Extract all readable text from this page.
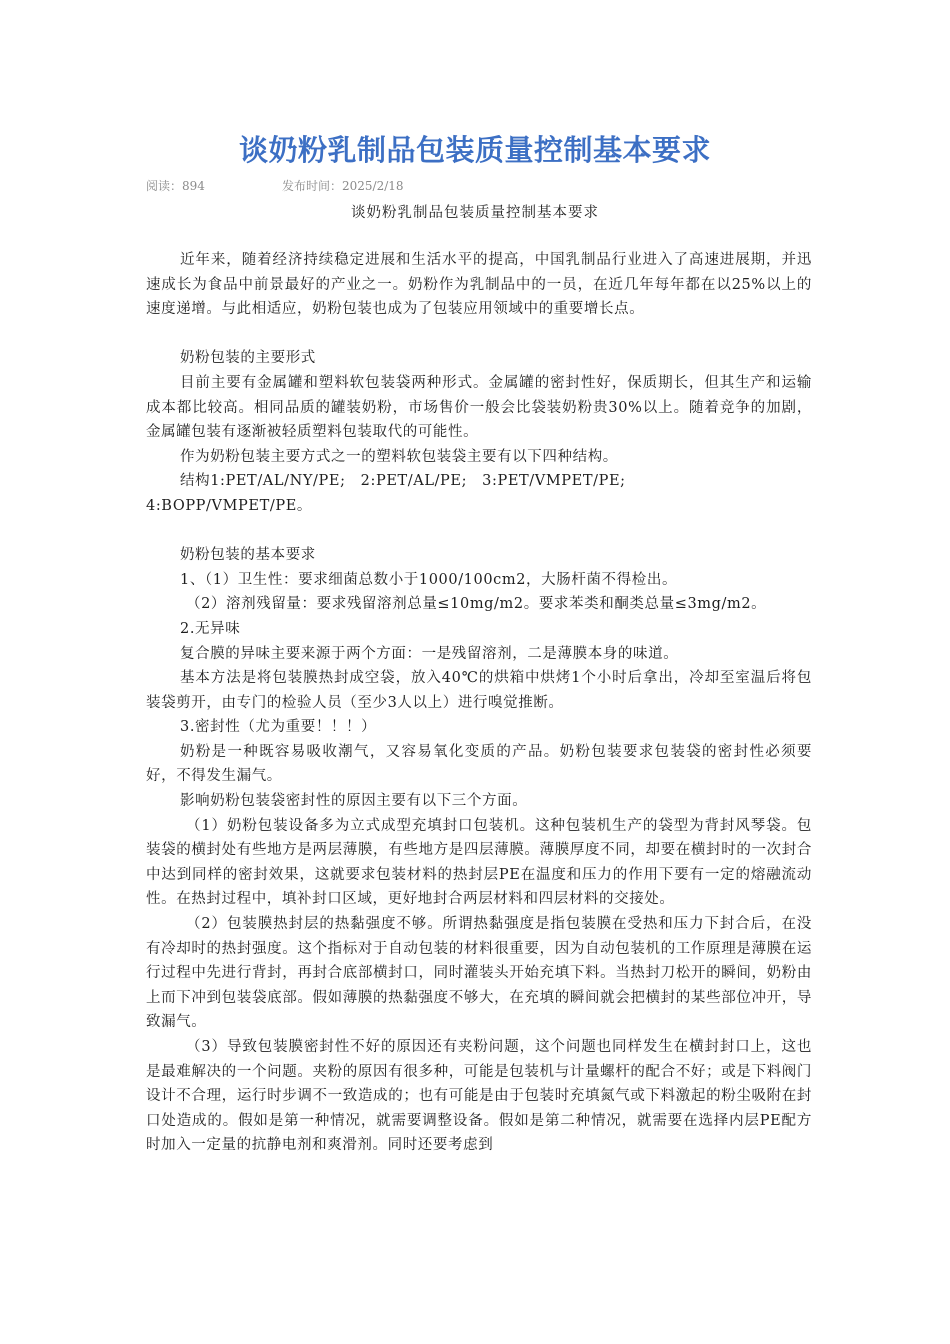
谈奶粉乳制品包装质量控制基本要求
阅读：894	发布时间：2025/2/18
谈奶粉乳制品包装质量控制基本要求

近年来，随着经济持续稳定进展和生活水平的提高，中国乳制品行业进入了高速进展期，并迅速成长为食品中前景最好的产业之一。奶粉作为乳制品中的一员，在近几年每年都在以25%以上的速度递增。与此相适应，奶粉包装也成为了包装应用领域中的重要增长点。

奶粉包装的主要形式

目前主要有金属罐和塑料软包装袋两种形式。金属罐的密封性好，保质期长，但其生产和运输成本都比较高。相同品质的罐装奶粉，市场售价一般会比袋装奶粉贵30%以上。随着竞争的加剧，金属罐包装有逐渐被轻质塑料包装取代的可能性。

作为奶粉包装主要方式之一的塑料软包装袋主要有以下四种结构。

结构1:PET/AL/NY/PE;　2:PET/AL/PE;　3:PET/VMPET/PE;

4:BOPP/VMPET/PE。

奶粉包装的基本要求

1、（1）卫生性：要求细菌总数小于1000/100cm2，大肠杆菌不得检出。

（2）溶剂残留量：要求残留溶剂总量≤10mg/m2。要求苯类和酮类总量≤3mg/m2。

2.无异味

复合膜的异味主要来源于两个方面：一是残留溶剂，二是薄膜本身的味道。

基本方法是将包装膜热封成空袋，放入40℃的烘箱中烘烤1个小时后拿出，冷却至室温后将包装袋剪开，由专门的检验人员（至少3人以上）进行嗅觉推断。

3.密封性（尤为重要！！！）

奶粉是一种既容易吸收潮气，又容易氧化变质的产品。奶粉包装要求包装袋的密封性必须要好，不得发生漏气。

影响奶粉包装袋密封性的原因主要有以下三个方面。

（1）奶粉包装设备多为立式成型充填封口包装机。这种包装机生产的袋型为背封风琴袋。包装袋的横封处有些地方是两层薄膜，有些地方是四层薄膜。薄膜厚度不同，却要在横封时的一次封合中达到同样的密封效果，这就要求包装材料的热封层PE在温度和压力的作用下要有一定的熔融流动性。在热封过程中，填补封口区域，更好地封合两层材料和四层材料的交接处。

（2）包装膜热封层的热黏强度不够。所谓热黏强度是指包装膜在受热和压力下封合后，在没有冷却时的热封强度。这个指标对于自动包装的材料很重要，因为自动包装机的工作原理是薄膜在运行过程中先进行背封，再封合底部横封口，同时灌装头开始充填下料。当热封刀松开的瞬间，奶粉由上而下冲到包装袋底部。假如薄膜的热黏强度不够大，在充填的瞬间就会把横封的某些部位冲开，导致漏气。

（3）导致包装膜密封性不好的原因还有夹粉问题，这个问题也同样发生在横封封口上，这也是最难解决的一个问题。夹粉的原因有很多种，可能是包装机与计量螺杆的配合不好；或是下料阀门设计不合理，运行时步调不一致造成的；也有可能是由于包装时充填氮气或下料激起的粉尘吸附在封口处造成的。假如是第一种情况，就需要调整设备。假如是第二种情况，就需要在选择内层PE配方时加入一定量的抗静电剂和爽滑剂。同时还要考虑到
